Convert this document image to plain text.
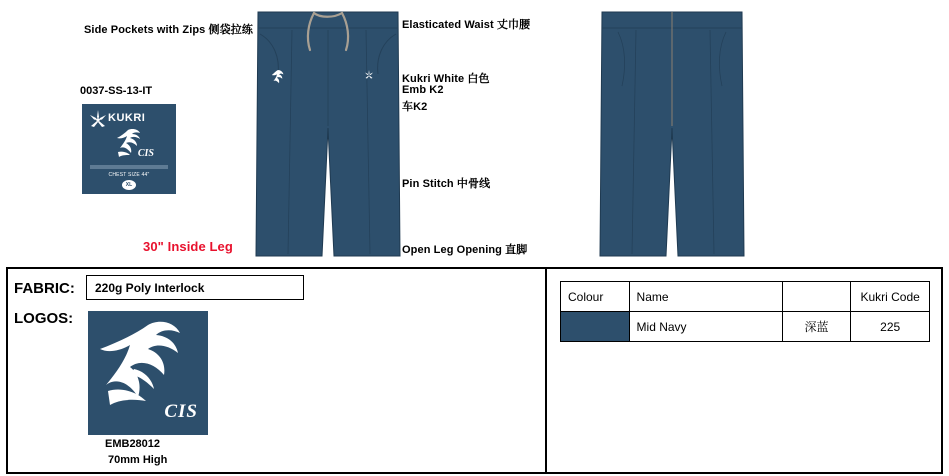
Side Pockets with Zips 侧袋拉练	Elasticated Waist 丈巾腰
Kukri White 白色
Emb K2
车K2
Pin Stitch 中骨线
30" Inside Leg	Open Leg Opening 直脚
0037-SS-13-IT
KUKRI
CIS
CHEST SIZE 44"
XL
FABRIC:	220g Poly Interlock
LOGOS:
CIS
EMB28012
70mm High
Colour	Name		Kukri Code
	Mid Navy	深蓝	225
